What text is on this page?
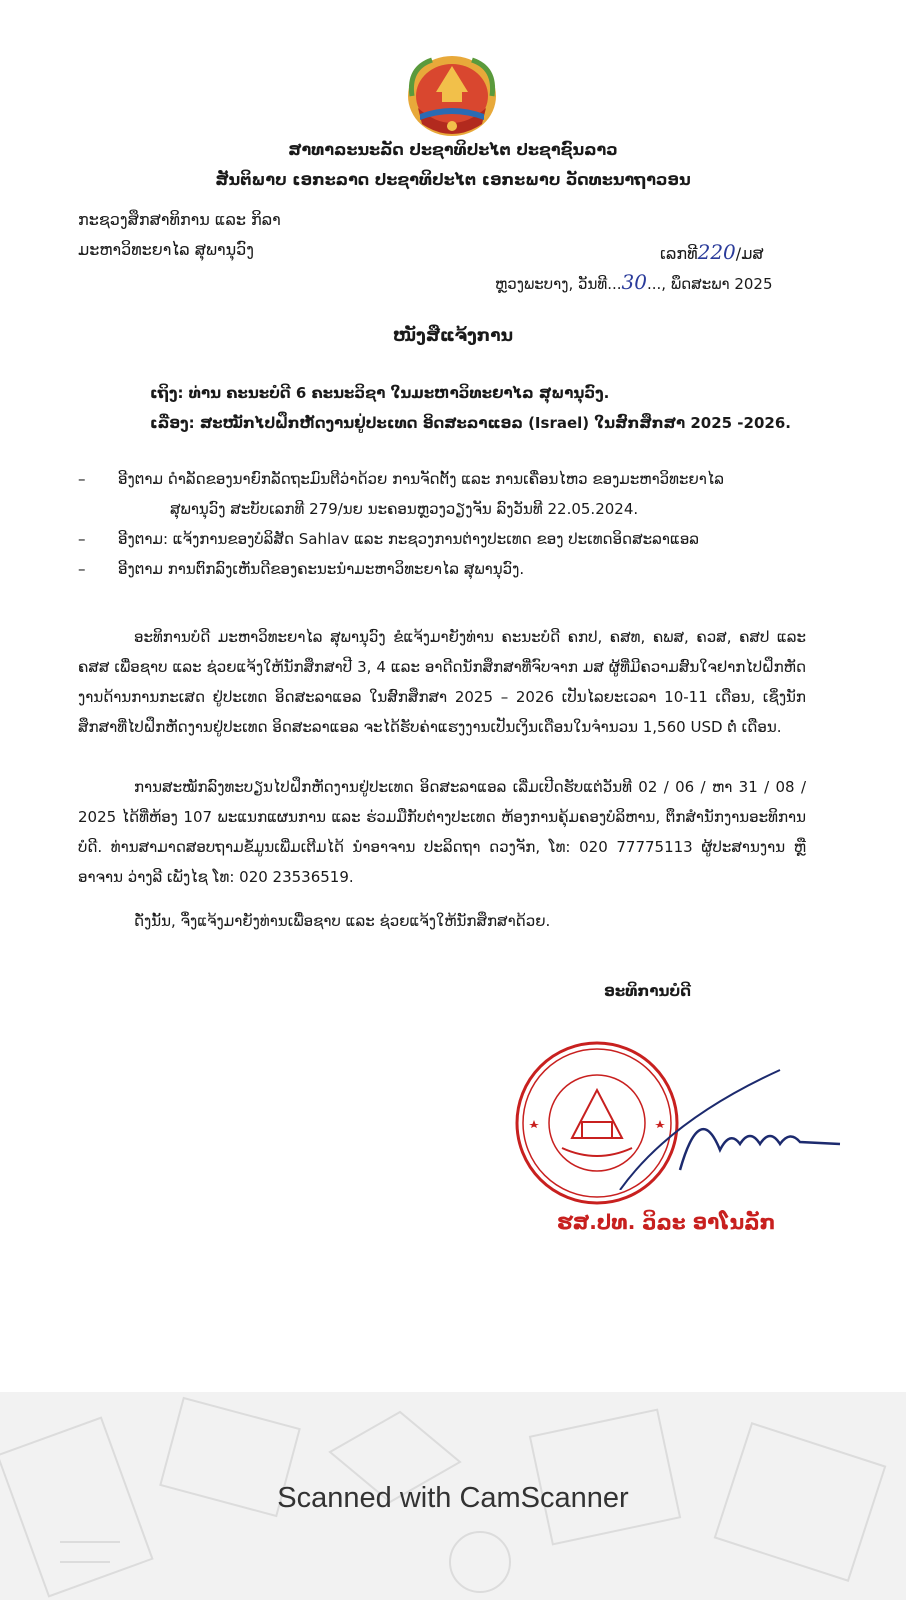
ສາທາລະນະລັດ ປະຊາທິປະໄຕ ປະຊາຊົນລາວ
ສັນຕິພາບ ເອກະລາດ ປະຊາທິປະໄຕ ເອກະພາບ ວັດທະນາຖາວອນ
ກະຊວງສຶກສາທິການ ແລະ ກິລາ
ມະຫາວິທະຍາໄລ ສຸພານຸວົງ	ເລກທີ220/ມສ
ຫຼວງພະບາງ, ວັນທີ...30..., ພຶດສະພາ 2025
ໜັງສືແຈ້ງການ
ເຖິງ: ທ່ານ ຄະນະບໍດີ 6 ຄະນະວິຊາ ໃນມະຫາວິທະຍາໄລ ສຸພານຸວົງ.
ເລື່ອງ: ສະໝັກໄປຝຶກຫັດງານຢູ່ປະເທດ ອິດສະລາແອລ (Israel) ໃນສົກສຶກສາ 2025 -2026.
– ອີງຕາມ ດຳລັດຂອງນາຍົກລັດຖະມົນຕີວ່າດ້ວຍ ການຈັດຕັ້ງ ແລະ ການເຄື່ອນໄຫວ ຂອງມະຫາວິທະຍາໄລ
ສຸພານຸວົງ ສະບັບເລກທີ 279/ນຍ ນະຄອນຫຼວງວຽງຈັນ ລົງວັນທີ 22.05.2024.
– ອີງຕາມ: ແຈ້ງການຂອງບໍລິສັດ Sahlav ແລະ ກະຊວງການຕ່າງປະເທດ ຂອງ ປະເທດອິດສະລາແອລ
– ອີງຕາມ ການຕົກລົງເຫັນດີຂອງຄະນະນຳມະຫາວິທະຍາໄລ ສຸພານຸວົງ.

ອະທິການບໍດີ ມະຫາວິທະຍາໄລ ສຸພານຸວົງ ຂໍແຈ້ງມາຍັງທ່ານ ຄະນະບໍດີ ຄກປ, ຄສທ, ຄພສ, ຄວສ, ຄສປ ແລະ ຄສສ ເພື່ອຊາບ ແລະ ຊ່ວຍແຈ້ງໃຫ້ນັກສຶກສາປີ 3, 4 ແລະ ອາດີດນັກສຶກສາທີ່ຈົບຈາກ ມສ ຜູ້ທີ່ມີຄວາມສົນໃຈຢາກໄປຝຶກຫັດງານດ້ານການກະເສດ ຢູ່ປະເທດ ອິດສະລາແອລ ໃນສົກສຶກສາ 2025 – 2026 ເປັນໄລຍະເວລາ 10-11 ເດືອນ, ເຊິ່ງນັກສຶກສາທີ່ໄປຝຶກຫັດງານຢູ່ປະເທດ ອິດສະລາແອລ ຈະໄດ້ຮັບຄ່າແຮງງານເປັນເງິນເດືອນໃນຈຳນວນ 1,560 USD ຕໍ່ ເດືອນ.

ການສະໝັກລົງທະບຽນໄປຝຶກຫັດງານຢູ່ປະເທດ ອິດສະລາແອລ ເລີ່ມເປີດຮັບແຕ່ວັນທີ 02 / 06 / ຫາ 31 / 08 / 2025 ໄດ້ທີ່ຫ້ອງ 107 ພະແນກແຜນການ ແລະ ຮ່ວມມືກັບຕ່າງປະເທດ ຫ້ອງການຄຸ້ມຄອງບໍລິຫານ, ຕຶກສຳນັກງານອະທິການບໍດີ. ທ່ານສາມາດສອບຖາມຂໍ້ມູນເພີ່ມເຕີມໄດ້ ນຳອາຈານ ປະລິດຖາ ດວງຈັກ, ໂທ: 020 77775113 ຜູ້ປະສານງານ ຫຼື ອາຈານ ວ່າງລີ ເພັງໄຊ ໂທ: 020 23536519.

ດັ່ງນັ້ນ, ຈຶ່ງແຈ້ງມາຍັງທ່ານເພື່ອຊາບ ແລະ ຊ່ວຍແຈ້ງໃຫ້ນັກສຶກສາດ້ວຍ.

ອະທິການບໍດີ
ຮສ.ປທ. ວິລະ ອາໂນລັກ
Scanned with CamScanner
